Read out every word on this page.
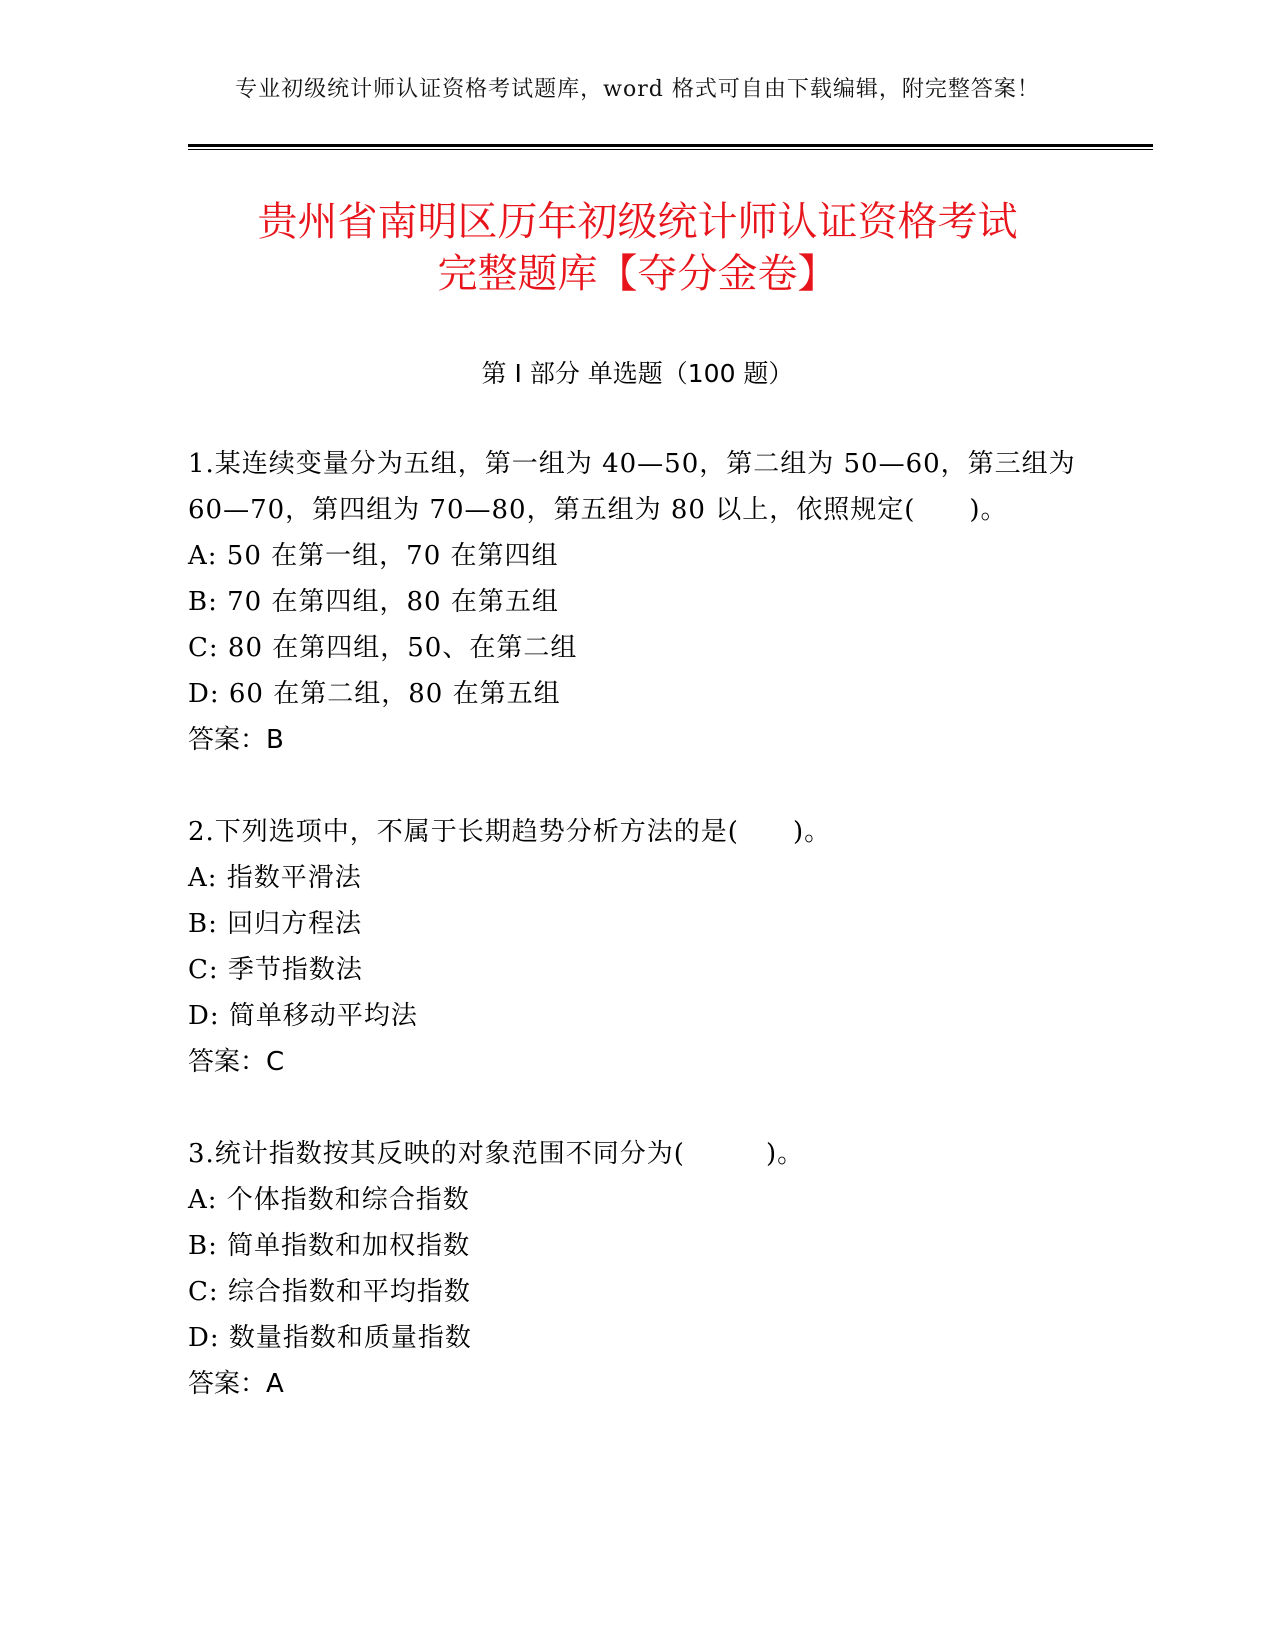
专业初级统计师认证资格考试题库，word 格式可自由下载编辑，附完整答案！
贵州省南明区历年初级统计师认证资格考试
完整题库【夺分金卷】
第 I 部分 单选题（100 题）
1.某连续变量分为五组，第一组为 40—50，第二组为 50—60，第三组为 60—70，第四组为 70—80，第五组为 80 以上，依照规定(　　)。
A: 50 在第一组，70 在第四组
B: 70 在第四组，80 在第五组
C: 80 在第四组，50、在第二组
D: 60 在第二组，80 在第五组
答案：B
2.下列选项中，不属于长期趋势分析方法的是(　　)。
A: 指数平滑法
B: 回归方程法
C: 季节指数法
D: 简单移动平均法
答案：C
3.统计指数按其反映的对象范围不同分为(　　　)。
A: 个体指数和综合指数
B: 简单指数和加权指数
C: 综合指数和平均指数
D: 数量指数和质量指数
答案：A
